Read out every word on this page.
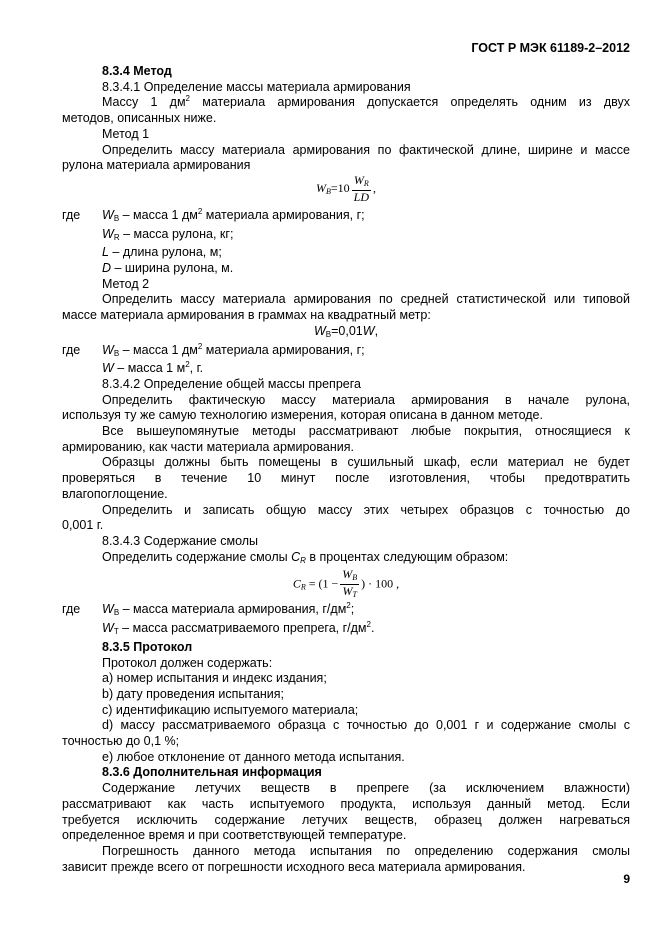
ГОСТ Р МЭК 61189-2–2012

8.3.4 Метод

8.3.4.1 Определение массы материала армирования

Массу 1 $дм^2$ материала армирования допускается определять одним из двух

методов, описанных ниже.

Метод 1

Определить массу материала армирования по фактической длине, ширине и массе

рулона материала армирования

$W_B=10 \frac{W_R}{LD}$ ,
где	$W_B$ – масса 1 $дм^2$ материала армирования, г;

$W_R$ – масса рулона, кг;

L – длина рулона, м;

D – ширина рулона, м.

Метод 2

Определить массу материала армирования по средней статистической или типовой

массе материала армирования в граммах на квадратный метр:

$W_B=0,01W$,

где	$W_B$ – масса 1 $дм^2$ материала армирования, г;

W – масса 1 $м^2$, г.

8.3.4.2 Определение общей массы препрега

Определить фактическую массу материала армирования в начале рулона,

используя ту же самую технологию измерения, которая описана в данном методе.

Все вышеупомянутые методы рассматривают любые покрытия, относящиеся к

армированию, как части материала армирования.

Образцы должны быть помещены в сушильный шкаф, если материал не будет

проверяться в течение 10 минут после изготовления, чтобы предотвратить

влагопоглощение.

Определить и записать общую массу этих четырех образцов с точностью до

0,001 г.

8.3.4.3 Содержание смолы

Определить содержание смолы $C_R$ в процентах следующим образом:

$C_R = (1 - \frac{W_B}{W_T}$ ) · 100 ,
где	$W_B$ – масса материала армирования, $г/дм^2$;

$W_T$ – масса рассматриваемого препрега, $г/дм^2$.

8.3.5 Протокол

Протокол должен содержать:

а) номер испытания и индекс издания;

b) дату проведения испытания;

c) идентификацию испытуемого материала;

d) массу рассматриваемого образца с точностью до 0,001 г и содержание смолы с

точностью до 0,1 %;

е) любое отклонение от данного метода испытания.

8.3.6 Дополнительная информация

Содержание летучих веществ в препреге (за исключением влажности)

рассматривают как часть испытуемого продукта, используя данный метод. Если

требуется исключить содержание летучих веществ, образец должен нагреваться

определенное время и при соответствующей температуре.

Погрешность данного метода испытания по определению содержания смолы

зависит прежде всего от погрешности исходного веса материала армирования.

9
